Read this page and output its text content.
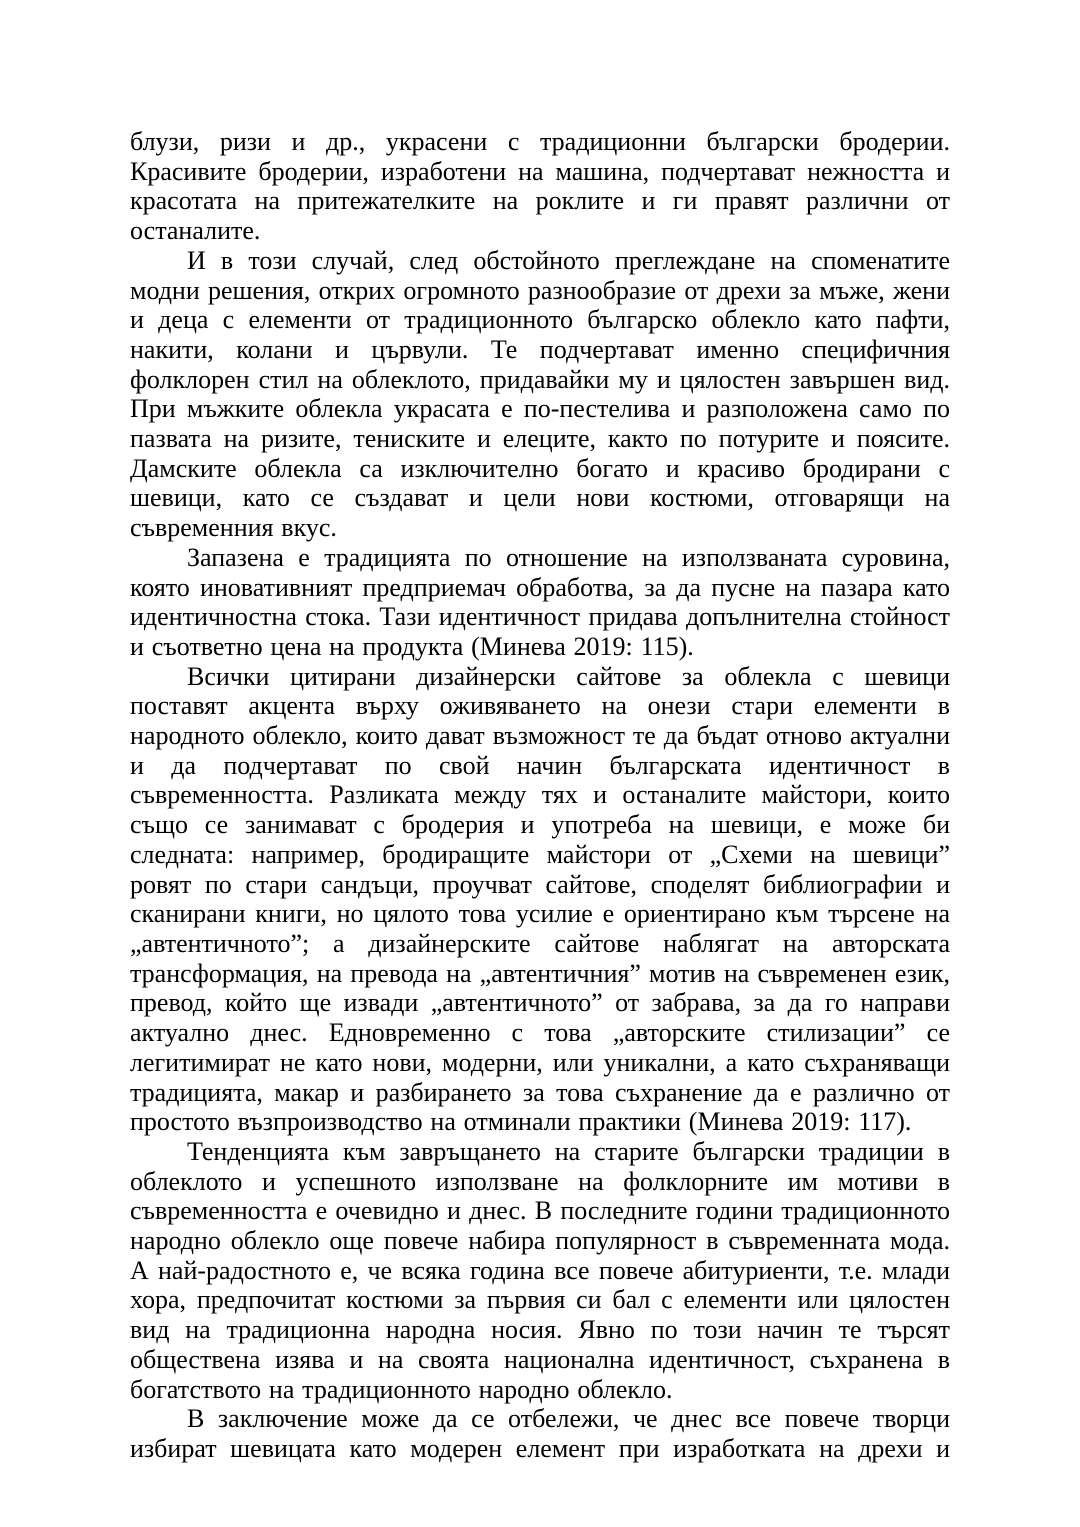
блузи, ризи и др., украсени с традиционни български бродерии. Красивите бродерии, изработени на машина, подчертават нежността и красотата на притежателките на роклите и ги правят различни от останалите.

И в този случай, след обстойното преглеждане на споменатите модни решения, открих огромното разнообразие от дрехи за мъже, жени и деца с елементи от традиционното българско облекло като пафти, накити, колани и цървули. Те подчертават именно специфичния фолклорен стил на облеклото, придавайки му и цялостен завършен вид. При мъжките облекла украсата е по-пестелива и разположена само по пазвата на ризите, тениските и елеците, както по потурите и поясите. Дамските облекла са изключително богато и красиво бродирани с шевици, като се създават и цели нови костюми, отговарящи на съвременния вкус.

Запазена е традицията по отношение на използваната суровина, която иновативният предприемач обработва, за да пусне на пазара като идентичностна стока. Тази идентичност придава допълнителна стойност и съответно цена на продукта (Минева 2019: 115).

Всички цитирани дизайнерски сайтове за облекла с шевици поставят акцента върху оживяването на онези стари елементи в народното облекло, които дават възможност те да бъдат отново актуални и да подчертават по свой начин българската идентичност в съвременността. Разликата между тях и останалите майстори, които също се занимават с бродерия и употреба на шевици, е може би следната: например, бродиращите майстори от „Схеми на шевици” ровят по стари сандъци, проучват сайтове, споделят библиографии и сканирани книги, но цялото това усилие е ориентирано към търсене на „автентичното”; а дизайнерските сайтове наблягат на авторската трансформация, на превода на „автентичния” мотив на съвременен език, превод, който ще извади „автентичното” от забрава, за да го направи актуално днес. Едновременно с това „авторските стилизации” се легитимират не като нови, модерни, или уникални, а като съхраняващи традицията, макар и разбирането за това съхранение да е различно от простото възпроизводство на отминали практики (Минева 2019: 117).

Тенденцията към завръщането на старите български традиции в облеклото и успешното използване на фолклорните им мотиви в съвременността е очевидно и днес. В последните години традиционното народно облекло още повече набира популярност в съвременната мода. А най-радостното е, че всяка година все повече абитуриенти, т.е. млади хора, предпочитат костюми за първия си бал с елементи или цялостен вид на традиционна народна носия. Явно по този начин те търсят обществена изява и на своята национална идентичност, съхранена в богатството на традиционното народно облекло.

В заключение може да се отбележи, че днес все повече творци избират шевицата като модерен елемент при изработката на дрехи и
